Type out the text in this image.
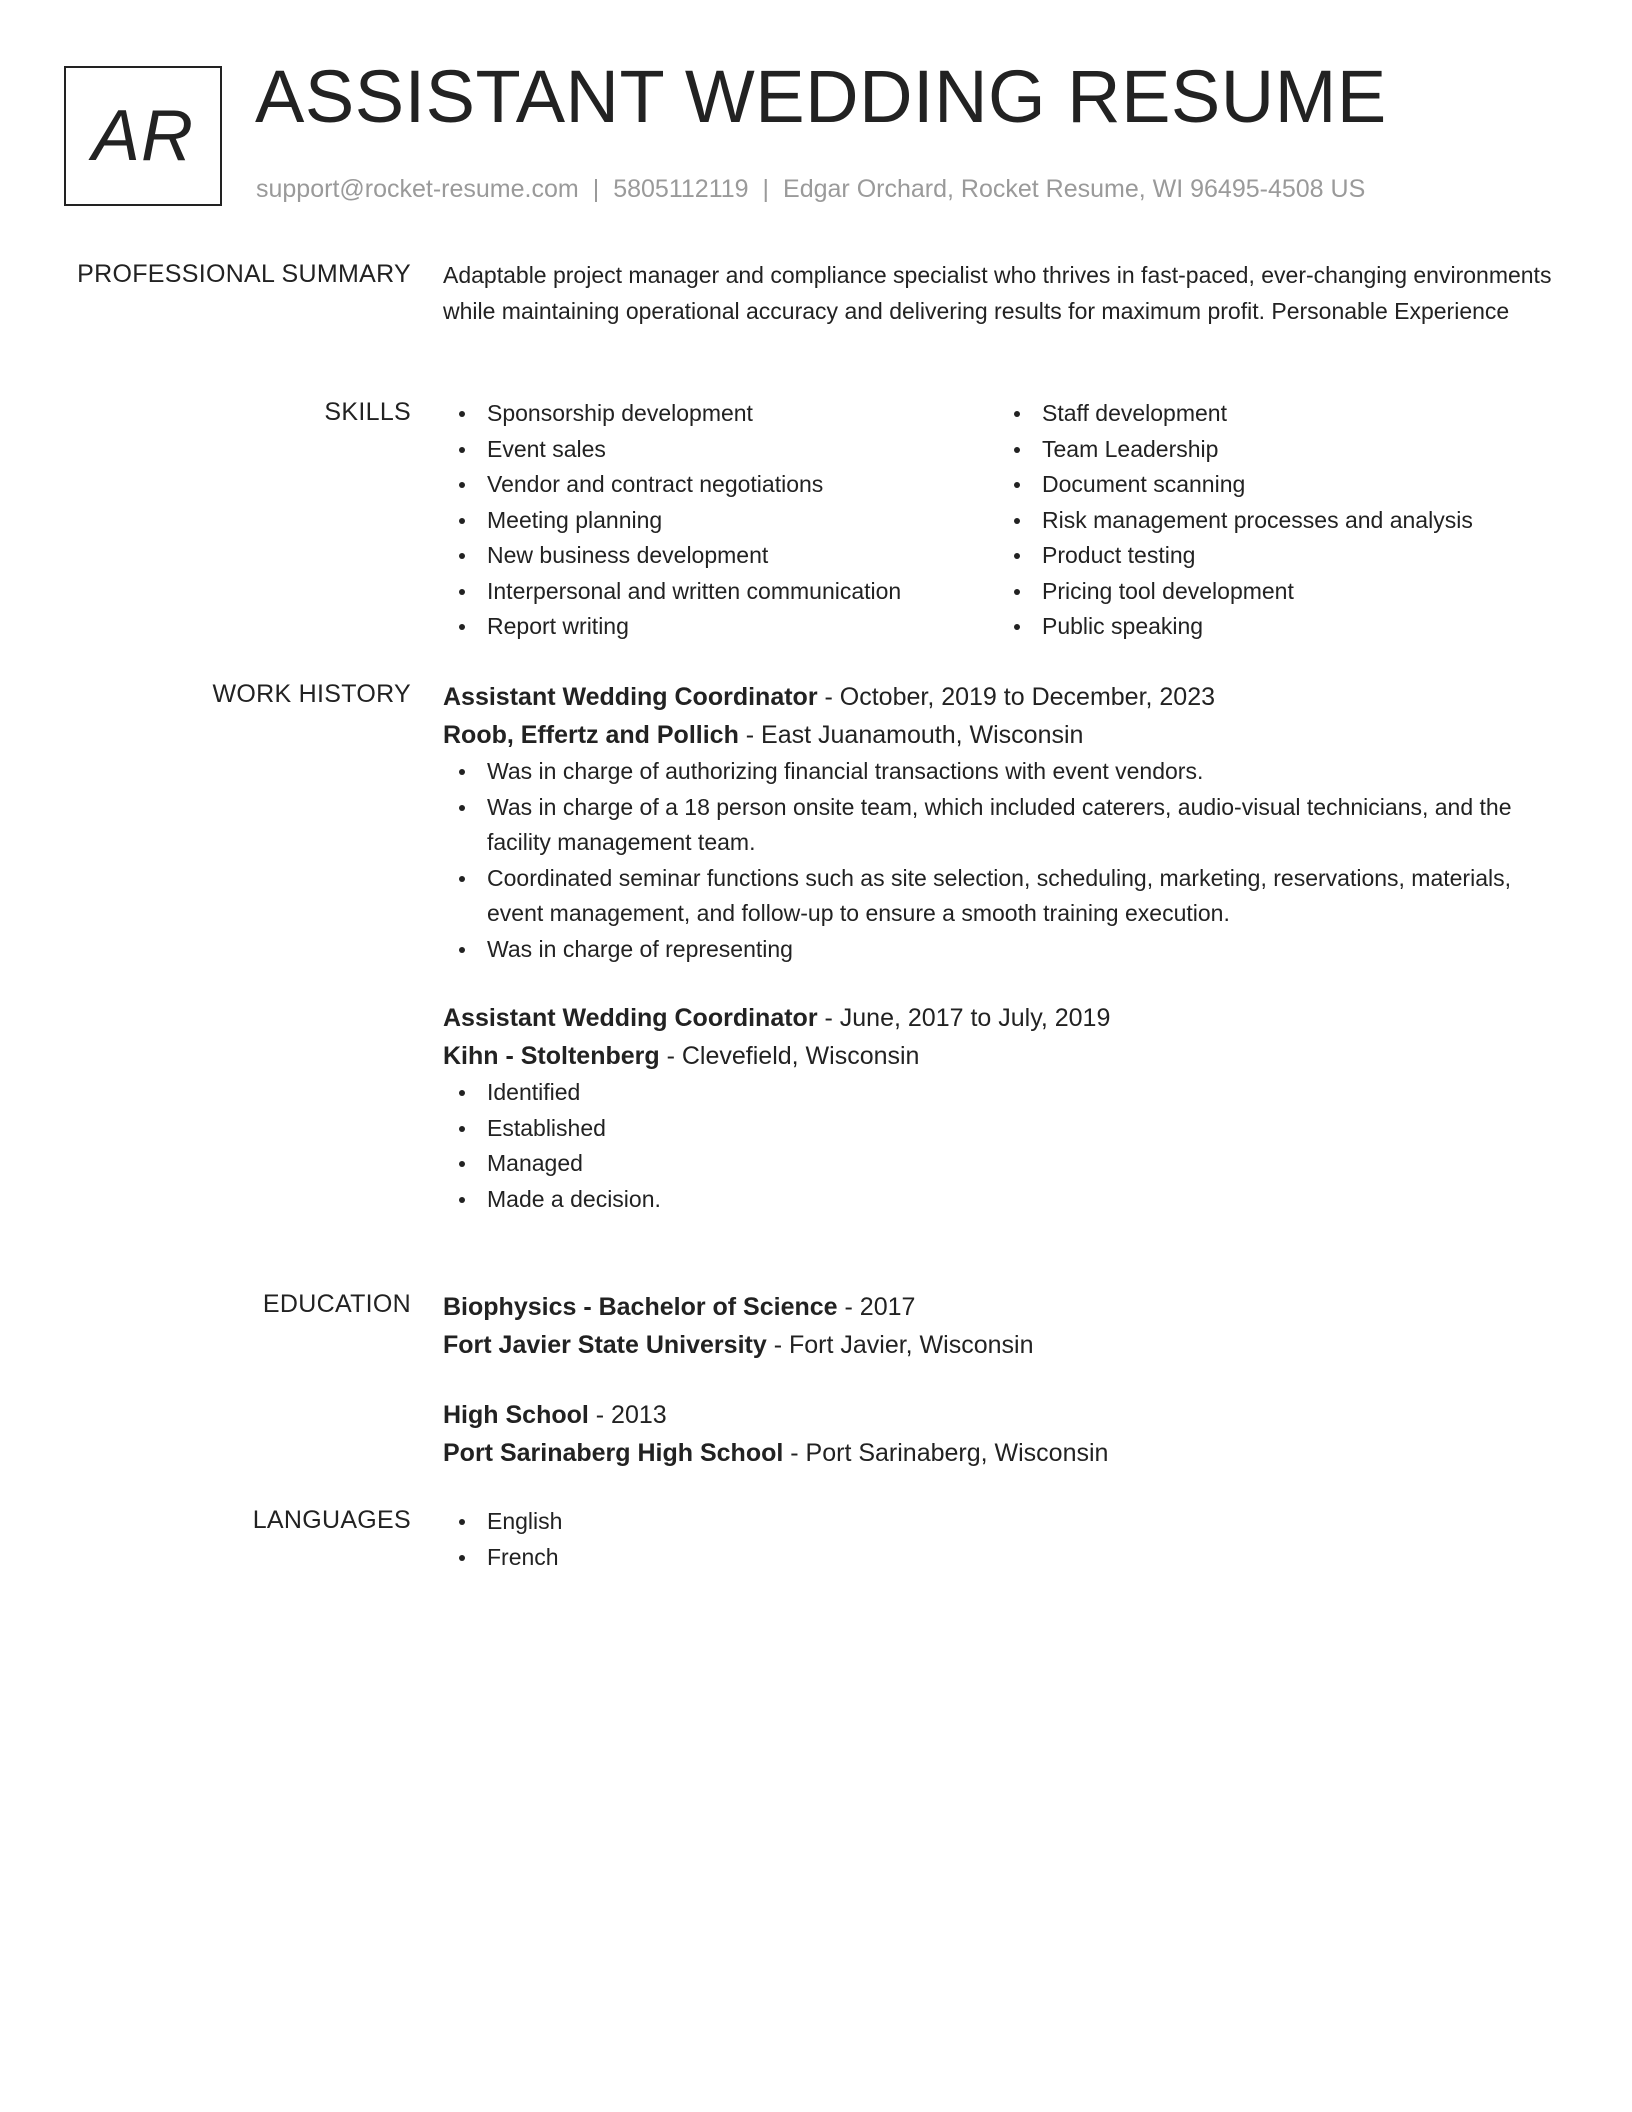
AR ASSISTANT WEDDING RESUME
support@rocket-resume.com | 5805112119 | Edgar Orchard, Rocket Resume, WI 96495-4508 US
PROFESSIONAL SUMMARY Adaptable project manager and compliance specialist who thrives in fast-paced, ever-changing environments while maintaining operational accuracy and delivering results for maximum profit. Personable Experience

SKILLS	Sponsorship development
Event sales
Vendor and contract negotiations
Meeting planning
New business development
Interpersonal and written communication
Report writing
Staff development
Team Leadership
Document scanning
Risk management processes and analysis
Product testing
Pricing tool development
Public speaking
WORK HISTORY Assistant Wedding Coordinator - October, 2019 to December, 2023
Roob, Effertz and Pollich - East Juanamouth, Wisconsin
Was in charge of authorizing financial transactions with event vendors.
Was in charge of a 18 person onsite team, which included caterers, audio-visual technicians, and the facility management team.
Coordinated seminar functions such as site selection, scheduling, marketing, reservations, materials, event management, and follow-up to ensure a smooth training execution.
Was in charge of representing
Assistant Wedding Coordinator - June, 2017 to July, 2019
Kihn - Stoltenberg - Clevefield, Wisconsin
Identified
Established
Managed
Made a decision.
EDUCATION Biophysics - Bachelor of Science - 2017
Fort Javier State University - Fort Javier, Wisconsin
High School - 2013
Port Sarinaberg High School - Port Sarinaberg, Wisconsin
LANGUAGES	English
French
